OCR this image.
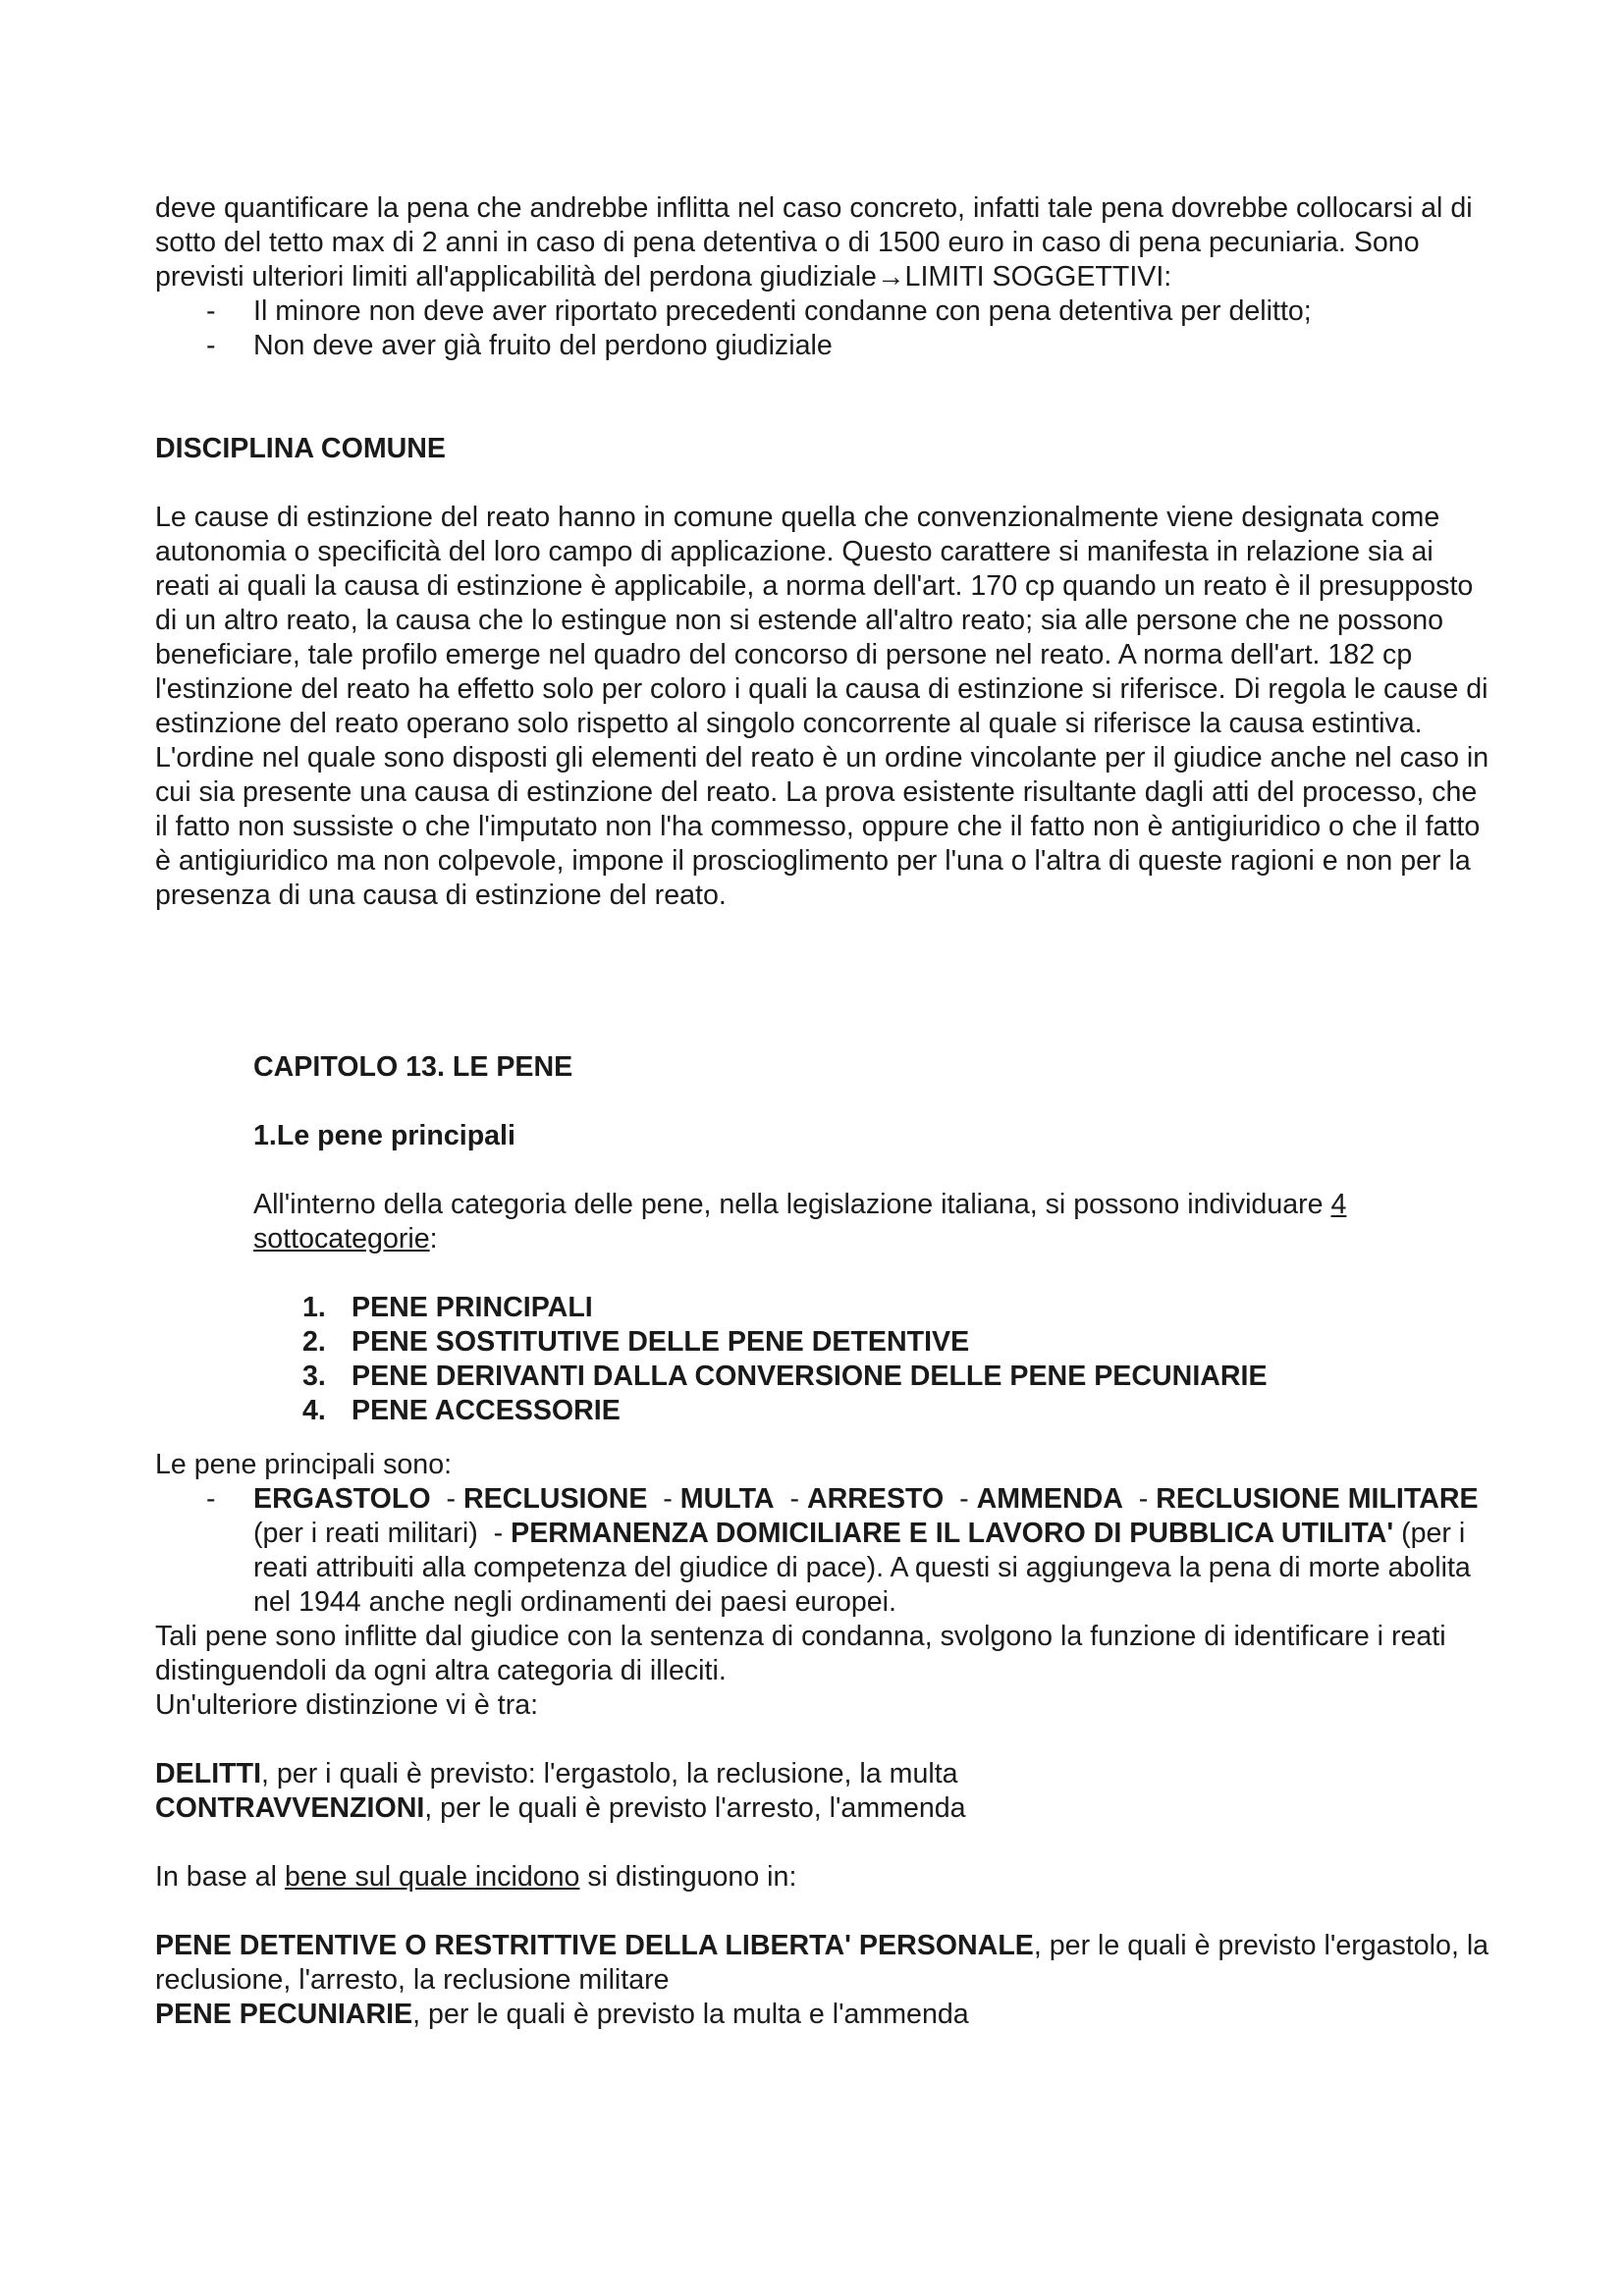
deve quantificare la pena che andrebbe inflitta nel caso concreto, infatti tale pena dovrebbe collocarsi al di sotto del tetto max di 2 anni in caso di pena detentiva o di 1500 euro in caso di pena pecuniaria. Sono previsti ulteriori limiti all'applicabilità del perdona giudiziale→LIMITI SOGGETTIVI:

- Il minore non deve aver riportato precedenti condanne con pena detentiva per delitto;
- Non deve aver già fruito del perdono giudiziale

DISCIPLINA COMUNE

Le cause di estinzione del reato hanno in comune quella che convenzionalmente viene designata come autonomia o specificità del loro campo di applicazione. Questo carattere si manifesta in relazione sia ai reati ai quali la causa di estinzione è applicabile, a norma dell'art. 170 cp quando un reato è il presupposto di un altro reato, la causa che lo estingue non si estende all'altro reato; sia alle persone che ne possono beneficiare, tale profilo emerge nel quadro del concorso di persone nel reato. A norma dell'art. 182 cp l'estinzione del reato ha effetto solo per coloro i quali la causa di estinzione si riferisce. Di regola le cause di estinzione del reato operano solo rispetto al singolo concorrente al quale si riferisce la causa estintiva. L'ordine nel quale sono disposti gli elementi del reato è un ordine vincolante per il giudice anche nel caso in cui sia presente una causa di estinzione del reato. La prova esistente risultante dagli atti del processo, che il fatto non sussiste o che l'imputato non l'ha commesso, oppure che il fatto non è antigiuridico o che il fatto è antigiuridico ma non colpevole, impone il proscioglimento per l'una o l'altra di queste ragioni e non per la presenza di una causa di estinzione del reato.

CAPITOLO 13. LE PENE

1.Le pene principali

All'interno della categoria delle pene, nella legislazione italiana, si possono individuare 4 sottocategorie:

1. PENE PRINCIPALI
2. PENE SOSTITUTIVE DELLE PENE DETENTIVE
3. PENE DERIVANTI DALLA CONVERSIONE DELLE PENE PECUNIARIE
4. PENE ACCESSORIE

Le pene principali sono:

- ERGASTOLO  - RECLUSIONE  - MULTA  - ARRESTO  - AMMENDA  - RECLUSIONE MILITARE (per i reati militari)  - PERMANENZA DOMICILIARE E IL LAVORO DI PUBBLICA UTILITA' (per i reati attribuiti alla competenza del giudice di pace). A questi si aggiungeva la pena di morte abolita nel 1944 anche negli ordinamenti dei paesi europei.

Tali pene sono inflitte dal giudice con la sentenza di condanna, svolgono la funzione di identificare i reati distinguendoli da ogni altra categoria di illeciti.

Un'ulteriore distinzione vi è tra:

DELITTI, per i quali è previsto: l'ergastolo, la reclusione, la multa

CONTRAVVENZIONI, per le quali è previsto l'arresto, l'ammenda

In base al bene sul quale incidono si distinguono in:

PENE DETENTIVE O RESTRITTIVE DELLA LIBERTA' PERSONALE, per le quali è previsto l'ergastolo, la reclusione, l'arresto, la reclusione militare

PENE PECUNIARIE, per le quali è previsto la multa e l'ammenda
